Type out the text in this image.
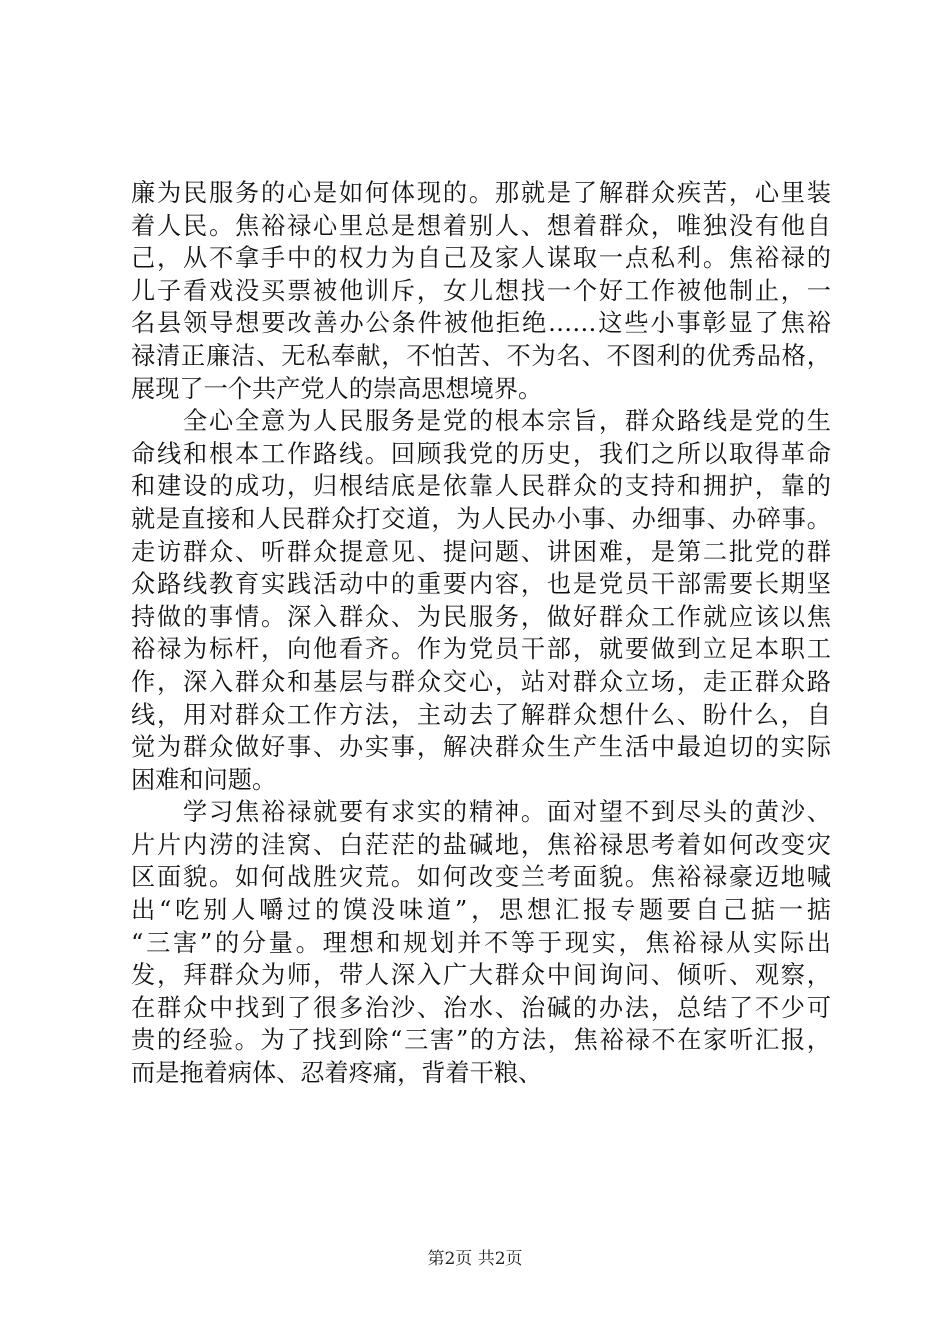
廉为民服务的心是如何体现的。那就是了解群众疾苦，心里装
着人民。焦裕禄心里总是想着别人、想着群众，唯独没有他自
己，从不拿手中的权力为自己及家人谋取一点私利。焦裕禄的
儿子看戏没买票被他训斥，女儿想找一个好工作被他制止，一
名县领导想要改善办公条件被他拒绝……这些小事彰显了焦裕
禄清正廉洁、无私奉献，不怕苦、不为名、不图利的优秀品格，
展现了一个共产党人的崇高思想境界。
　　全心全意为人民服务是党的根本宗旨，群众路线是党的生
命线和根本工作路线。回顾我党的历史，我们之所以取得革命
和建设的成功，归根结底是依靠人民群众的支持和拥护，靠的
就是直接和人民群众打交道，为人民办小事、办细事、办碎事。
走访群众、听群众提意见、提问题、讲困难，是第二批党的群
众路线教育实践活动中的重要内容，也是党员干部需要长期坚
持做的事情。深入群众、为民服务，做好群众工作就应该以焦
裕禄为标杆，向他看齐。作为党员干部，就要做到立足本职工
作，深入群众和基层与群众交心，站对群众立场，走正群众路
线，用对群众工作方法，主动去了解群众想什么、盼什么，自
觉为群众做好事、办实事，解决群众生产生活中最迫切的实际
困难和问题。
　　学习焦裕禄就要有求实的精神。面对望不到尽头的黄沙、
片片内涝的洼窝、白茫茫的盐碱地，焦裕禄思考着如何改变灾
区面貌。如何战胜灾荒。如何改变兰考面貌。焦裕禄豪迈地喊
出“吃别人嚼过的馍没味道”，思想汇报专题要自己掂一掂
“三害”的分量。理想和规划并不等于现实，焦裕禄从实际出
发，拜群众为师，带人深入广大群众中间询问、倾听、观察，
在群众中找到了很多治沙、治水、治碱的办法，总结了不少可
贵的经验。为了找到除“三害”的方法，焦裕禄不在家听汇报，
而是拖着病体、忍着疼痛，背着干粮、
第2页 共2页
